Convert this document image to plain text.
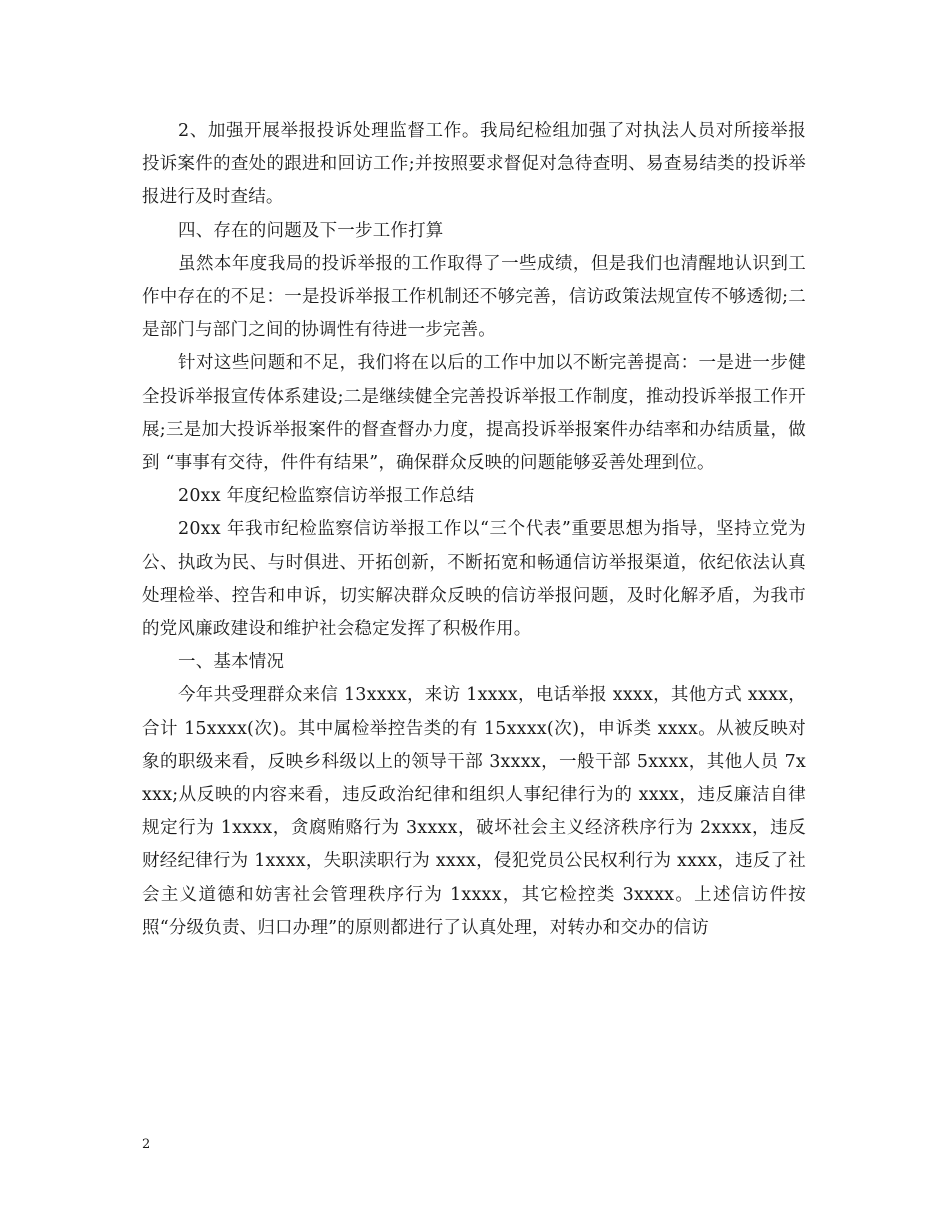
2、加强开展举报投诉处理监督工作。我局纪检组加强了对执法人员对所接举报投诉案件的查处的跟进和回访工作;并按照要求督促对急待查明、易查易结类的投诉举报进行及时查结。

四、存在的问题及下一步工作打算

虽然本年度我局的投诉举报的工作取得了一些成绩，但是我们也清醒地认识到工作中存在的不足：一是投诉举报工作机制还不够完善，信访政策法规宣传不够透彻;二是部门与部门之间的协调性有待进一步完善。

针对这些问题和不足，我们将在以后的工作中加以不断完善提高：一是进一步健全投诉举报宣传体系建设;二是继续健全完善投诉举报工作制度，推动投诉举报工作开展;三是加大投诉举报案件的督查督办力度，提高投诉举报案件办结率和办结质量，做到 “事事有交待，件件有结果”，确保群众反映的问题能够妥善处理到位。

20xx 年度纪检监察信访举报工作总结

20xx 年我市纪检监察信访举报工作以“三个代表”重要思想为指导，坚持立党为公、执政为民、与时俱进、开拓创新，不断拓宽和畅通信访举报渠道，依纪依法认真处理检举、控告和申诉，切实解决群众反映的信访举报问题，及时化解矛盾，为我市的党风廉政建设和维护社会稳定发挥了积极作用。

一、基本情况

今年共受理群众来信 13xxxx，来访 1xxxx，电话举报 xxxx，其他方式 xxxx，合计 15xxxx(次)。其中属检举控告类的有 15xxxx(次)，申诉类 xxxx。从被反映对象的职级来看，反映乡科级以上的领导干部 3xxxx，一般干部 5xxxx，其他人员 7xxxx;从反映的内容来看，违反政治纪律和组织人事纪律行为的 xxxx，违反廉洁自律规定行为 1xxxx，贪腐贿赂行为 3xxxx，破坏社会主义经济秩序行为 2xxxx，违反财经纪律行为 1xxxx，失职渎职行为 xxxx，侵犯党员公民权利行为 xxxx，违反了社会主义道德和妨害社会管理秩序行为 1xxxx，其它检控类 3xxxx。上述信访件按照“分级负责、归口办理”的原则都进行了认真处理，对转办和交办的信访

2
